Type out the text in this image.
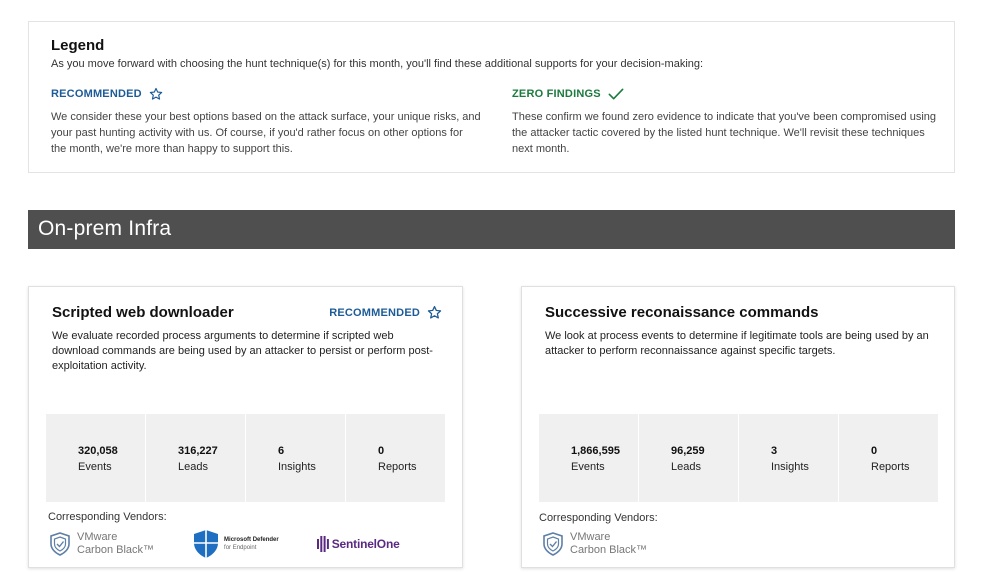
Legend
As you move forward with choosing the hunt technique(s) for this month, you'll find these additional supports for your decision-making:
RECOMMENDED
We consider these your best options based on the attack surface, your unique risks, and your past hunting activity with us. Of course, if you'd rather focus on other options for the month, we're more than happy to support this.
ZERO FINDINGS
These confirm we found zero evidence to indicate that you've been compromised using the attacker tactic covered by the listed hunt technique. We'll revisit these techniques next month.
On-prem Infra
Scripted web downloader	RECOMMENDED
We evaluate recorded process arguments to determine if scripted web download commands are being used by an attacker to persist or perform post-exploitation activity.
320,058
Events
316,227
Leads
6
Insights
0
Reports
Corresponding Vendors:
VMware
Carbon Black™
Microsoft Defender
for Endpoint	SentinelOne
Successive reconaissance commands
We look at process events to determine if legitimate tools are being used by an attacker to perform reconnaissance against specific targets.
1,866,595
Events
96,259
Leads
3
Insights
0
Reports
Corresponding Vendors:
VMware
Carbon Black™
